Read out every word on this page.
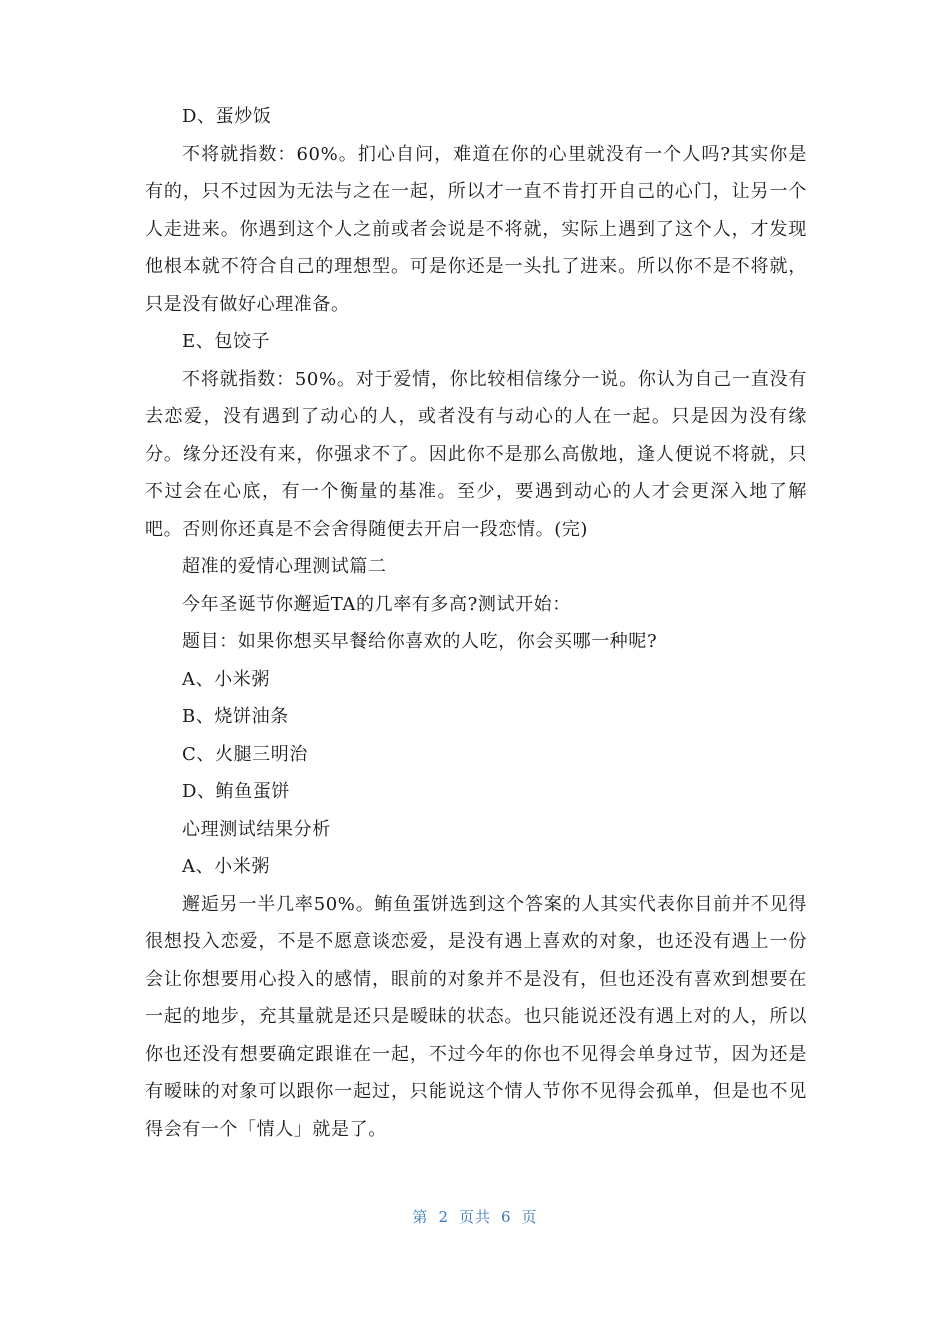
D、蛋炒饭

不将就指数：60%。扪心自问，难道在你的心里就没有一个人吗?其实你是有的，只不过因为无法与之在一起，所以才一直不肯打开自己的心门，让另一个人走进来。你遇到这个人之前或者会说是不将就，实际上遇到了这个人，才发现他根本就不符合自己的理想型。可是你还是一头扎了进来。所以你不是不将就，只是没有做好心理准备。

E、包饺子

不将就指数：50%。对于爱情，你比较相信缘分一说。你认为自己一直没有去恋爱，没有遇到了动心的人，或者没有与动心的人在一起。只是因为没有缘分。缘分还没有来，你强求不了。因此你不是那么高傲地，逢人便说不将就，只不过会在心底，有一个衡量的基准。至少，要遇到动心的人才会更深入地了解吧。否则你还真是不会舍得随便去开启一段恋情。(完)

超准的爱情心理测试篇二

今年圣诞节你邂逅TA的几率有多高?测试开始：

题目：如果你想买早餐给你喜欢的人吃，你会买哪一种呢?

A、小米粥

B、烧饼油条

C、火腿三明治

D、鲔鱼蛋饼

心理测试结果分析

A、小米粥

邂逅另一半几率50%。鲔鱼蛋饼选到这个答案的人其实代表你目前并不见得很想投入恋爱，不是不愿意谈恋爱，是没有遇上喜欢的对象，也还没有遇上一份会让你想要用心投入的感情，眼前的对象并不是没有，但也还没有喜欢到想要在一起的地步，充其量就是还只是暧昧的状态。也只能说还没有遇上对的人，所以你也还没有想要确定跟谁在一起，不过今年的你也不见得会单身过节，因为还是有暧昧的对象可以跟你一起过，只能说这个情人节你不见得会孤单，但是也不见得会有一个「情人」就是了。

第 2 页共 6 页
